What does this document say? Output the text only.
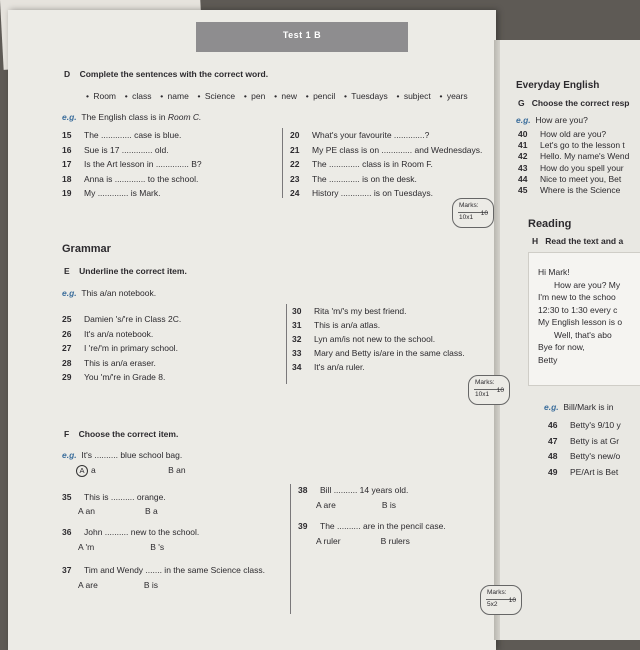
Test 1 B
D Complete the sentences with the correct word.
• Room  • class  • name  • Science  • pen  • new  • pencil  • Tuesdays  • subject  • years
e.g. The English class is in Room C.
15 The ............. case is blue.
16 Sue is 17 ............. old.
17 Is the Art lesson in .............. B?
18 Anna is ............. to the school.
19 My ............. is Mark.
20 What's your favourite .............?
21 My PE class is on ............. and Wednesdays.
22 The ............. class is in Room F.
23 The ............. is on the desk.
24 History ............. is on Tuesdays.
Marks:
10x1
10
Grammar
E Underline the correct item.
e.g. This a/an notebook.
25 Damien 's/'re in Class 2C.
26 It's an/a notebook.
27 I 're/'m in primary school.
28 This is an/a eraser.
29 You 'm/'re in Grade 8.
30 Rita 'm/'s my best friend.
31 This is an/a atlas.
32 Lyn am/is not new to the school.
33 Mary and Betty is/are in the same class.
34 It's an/a ruler.
Marks:
10x1
10
F Choose the correct item.
e.g. It's .......... blue school bag.
A a	B an
35 This is .......... orange.
A an	B a
36 John .......... new to the school.
A 'm	B 's
37 Tim and Wendy ....... in the same Science class.
A are	B is
38 Bill .......... 14 years old.
A are	B is
39 The .......... are in the pencil case.
A ruler	B rulers
Marks:
5x2
10
Everyday English
G Choose the correct resp
e.g. How are you?
40 How old are you?
41 Let's go to the lesson t
42 Hello. My name's Wend
43 How do you spell your
44 Nice to meet you, Bet
45 Where is the Science
Reading
H Read the text and a
Hi Mark!
How are you? My
I'm new to the schoo
12:30 to 1:30 every c
My English lesson is o
Well, that's abo
Bye for now,
Betty
e.g. Bill/Mark is in
46 Betty's 9/10 y
47 Betty is at Gr
48 Betty's new/o
49 PE/Art is Bet
